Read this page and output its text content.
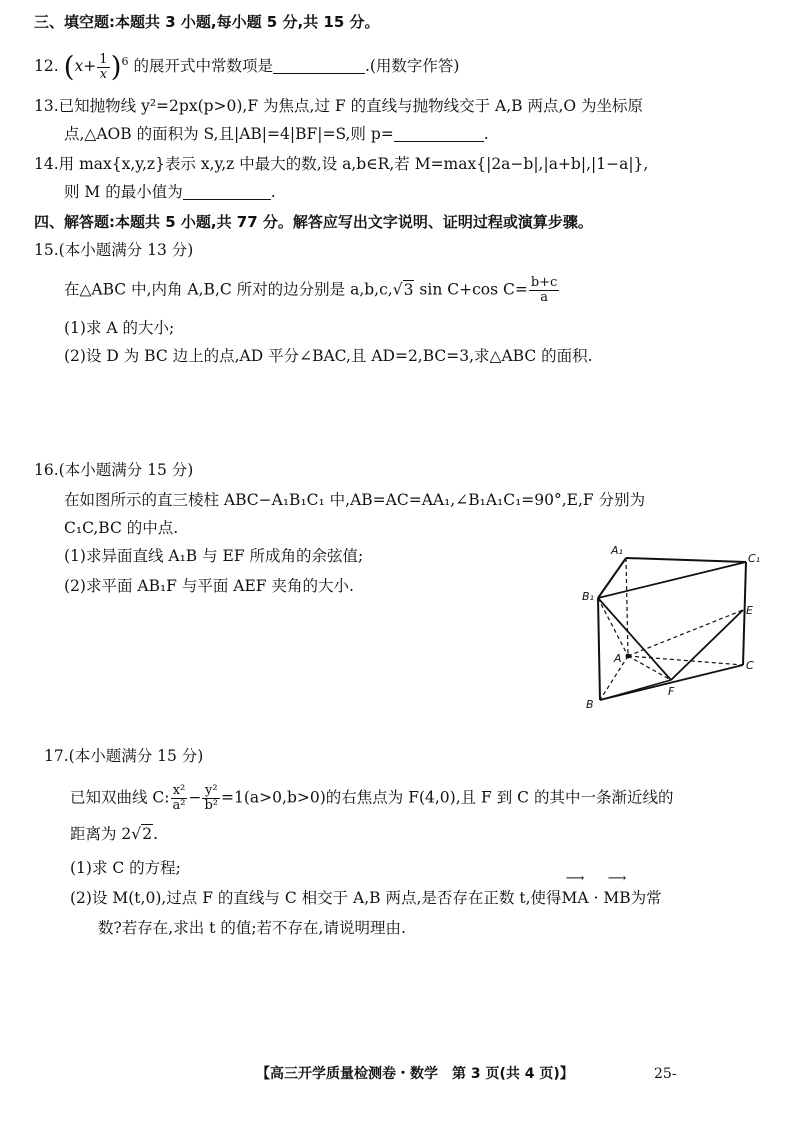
三、填空题:本题共 3 小题,每小题 5 分,共 15 分。
12. $(x+ \frac{1}{x} )^6$ 的展开式中常数项是	.(用数字作答)
13.已知抛物线 y²=2px(p>0),F 为焦点,过 F 的直线与抛物线交于 A,B 两点,O 为坐标原
点,△AOB 的面积为 S,且|AB|=4|BF|=S,则 p=	.
14.用 max{x,y,z}表示 x,y,z 中最大的数,设 a,b∈R,若 M=max{|2a−b|,|a+b|,|1−a|},
则 M 的最小值为	.
四、解答题:本题共 5 小题,共 77 分。解答应写出文字说明、证明过程或演算步骤。
15.(本小题满分 13 分)
在△ABC 中,内角 A,B,C 所对的边分别是 a,b,c,√3 sin C+cos $C= \frac{b+c}{a}$
(1)求 A 的大小;
(2)设 D 为 BC 边上的点,AD 平分∠BAC,且 AD=2,BC=3,求△ABC 的面积.
16.(本小题满分 15 分)
在如图所示的直三棱柱 ABC−A₁B₁C₁ 中,AB=AC=AA₁,∠B₁A₁C₁=90°,E,F 分别为
C₁C,BC 的中点.
(1)求异面直线 A₁B 与 EF 所成角的余弦值;
(2)求平面 AB₁F 与平面 AEF 夹角的大小.
A₁
C₁
B₁
E
A
C
F
B
17.(本小题满分 15 分)
已知双曲线 C: $\frac{\text{x²}}{\text{a²}} - \frac{\text{y²}}{\text{b²}} =1(a>0,b>0)$的右焦点为 F(4,0),且 F 到 C 的其中一条渐近线的
距离为 2√2.
(1)求 C 的方程;
(2)设 M(t,0),过点 F 的直线与 C 相交于 A,B 两点,是否存在正数 t,使得⟶ MA · ⟶ MB为常
数?若存在,求出 t 的值;若不存在,请说明理由.
【高三开学质量检测卷・数学　第 3 页(共 4 页)】	25-
